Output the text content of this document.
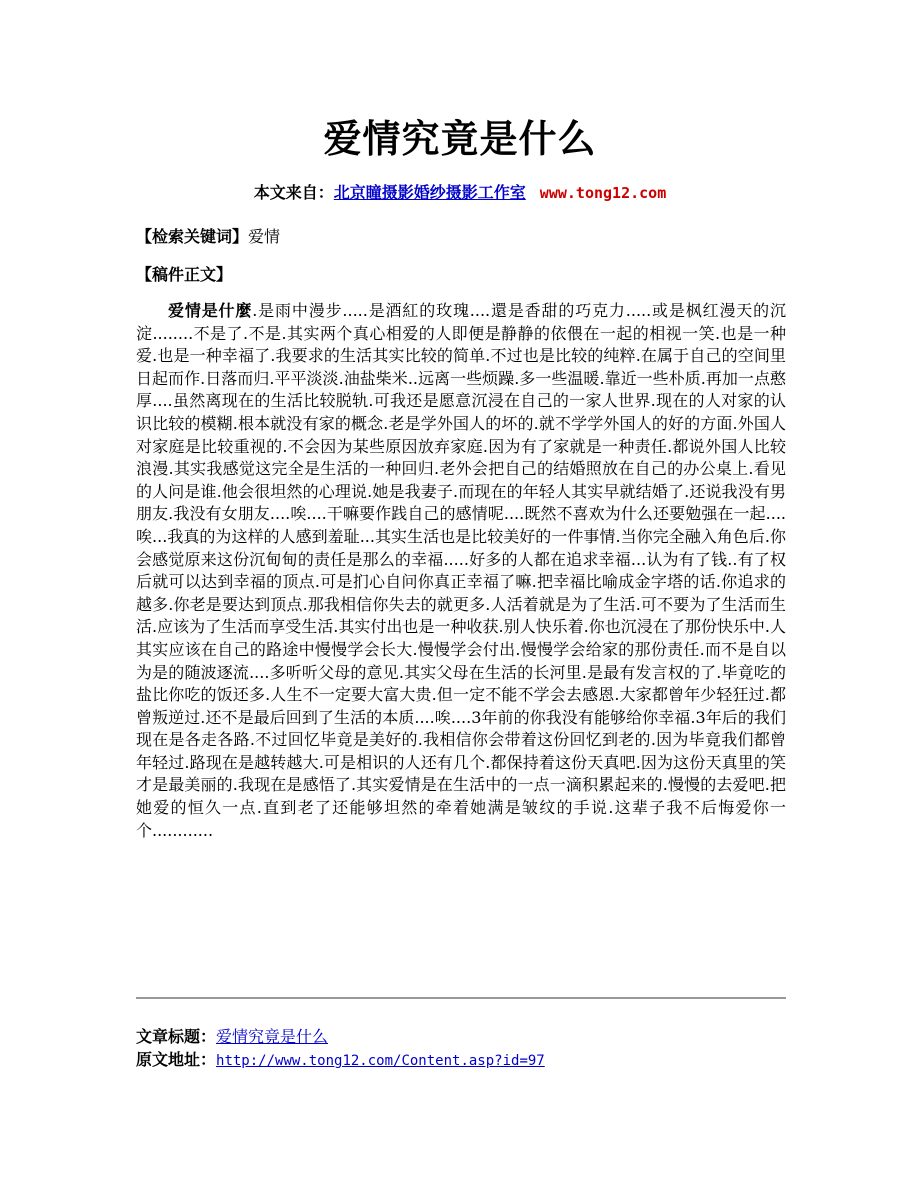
爱情究竟是什么
本文来自：北京瞳摄影婚纱摄影工作室 www.tong12.com
【检索关键词】爱情
【稿件正文】

爱情是什麼.是雨中漫步.....是酒紅的玫瑰....還是香甜的巧克力.....或是枫红漫天的沉淀........不是了.不是.其实两个真心相爱的人即便是静静的依偎在一起的相视一笑.也是一种爱.也是一种幸福了.我要求的生活其实比较的简单.不过也是比较的纯粹.在属于自己的空间里日起而作.日落而归.平平淡淡.油盐柴米..远离一些烦躁.多一些温暖.靠近一些朴质.再加一点憨厚....虽然离现在的生活比较脱轨.可我还是愿意沉浸在自己的一家人世界.现在的人对家的认识比较的模糊.根本就没有家的概念.老是学外国人的坏的.就不学学外国人的好的方面.外国人对家庭是比较重视的.不会因为某些原因放弃家庭.因为有了家就是一种责任.都说外国人比较浪漫.其实我感觉这完全是生活的一种回归.老外会把自己的结婚照放在自己的办公桌上.看见的人问是谁.他会很坦然的心理说.她是我妻子.而现在的年轻人其实早就结婚了.还说我没有男朋友.我没有女朋友....唉....干嘛要作践自己的感情呢....既然不喜欢为什么还要勉强在一起....唉...我真的为这样的人感到羞耻...其实生活也是比较美好的一件事情.当你完全融入角色后.你会感觉原来这份沉甸甸的责任是那么的幸福.....好多的人都在追求幸福...认为有了钱..有了权后就可以达到幸福的顶点.可是扪心自问你真正幸福了嘛.把幸福比喻成金字塔的话.你追求的越多.你老是要达到顶点.那我相信你失去的就更多.人活着就是为了生活.可不要为了生活而生活.应该为了生活而享受生活.其实付出也是一种收获.别人快乐着.你也沉浸在了那份快乐中.人其实应该在自己的路途中慢慢学会长大.慢慢学会付出.慢慢学会给家的那份责任.而不是自以为是的随波逐流....多听听父母的意见.其实父母在生活的长河里.是最有发言权的了.毕竟吃的盐比你吃的饭还多.人生不一定要大富大贵.但一定不能不学会去感恩.大家都曾年少轻狂过.都曾叛逆过.还不是最后回到了生活的本质....唉....3年前的你我没有能够给你幸福.3年后的我们现在是各走各路.不过回忆毕竟是美好的.我相信你会带着这份回忆到老的.因为毕竟我们都曾年轻过.路现在是越转越大.可是相识的人还有几个.都保持着这份天真吧.因为这份天真里的笑才是最美丽的.我现在是感悟了.其实爱情是在生活中的一点一滴积累起来的.慢慢的去爱吧.把她爱的恒久一点.直到老了还能够坦然的牵着她满是皱纹的手说.这辈子我不后悔爱你一个............

文章标题：爱情究竟是什么
原文地址：http://www.tong12.com/Content.asp?id=97
